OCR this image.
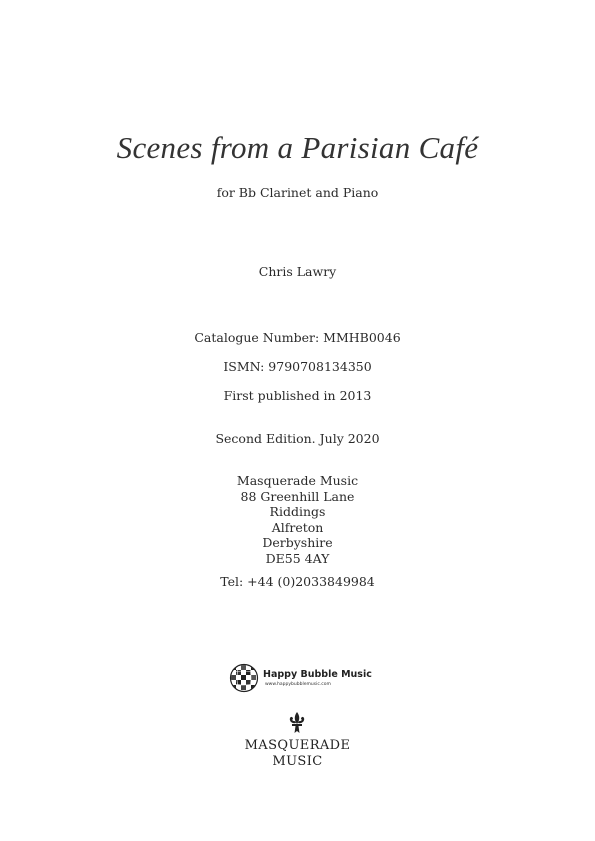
Scenes from a Parisian Café
for Bb Clarinet and Piano
Chris Lawry
Catalogue Number: MMHB0046
ISMN: 9790708134350
First published in 2013
Second Edition. July 2020
Masquerade Music
88 Greenhill Lane
Riddings
Alfreton
Derbyshire
DE55 4AY
Tel: +44 (0)2033849984
Happy Bubble Music
www.happybubblemusic.com
MASQUERADE
MUSIC
